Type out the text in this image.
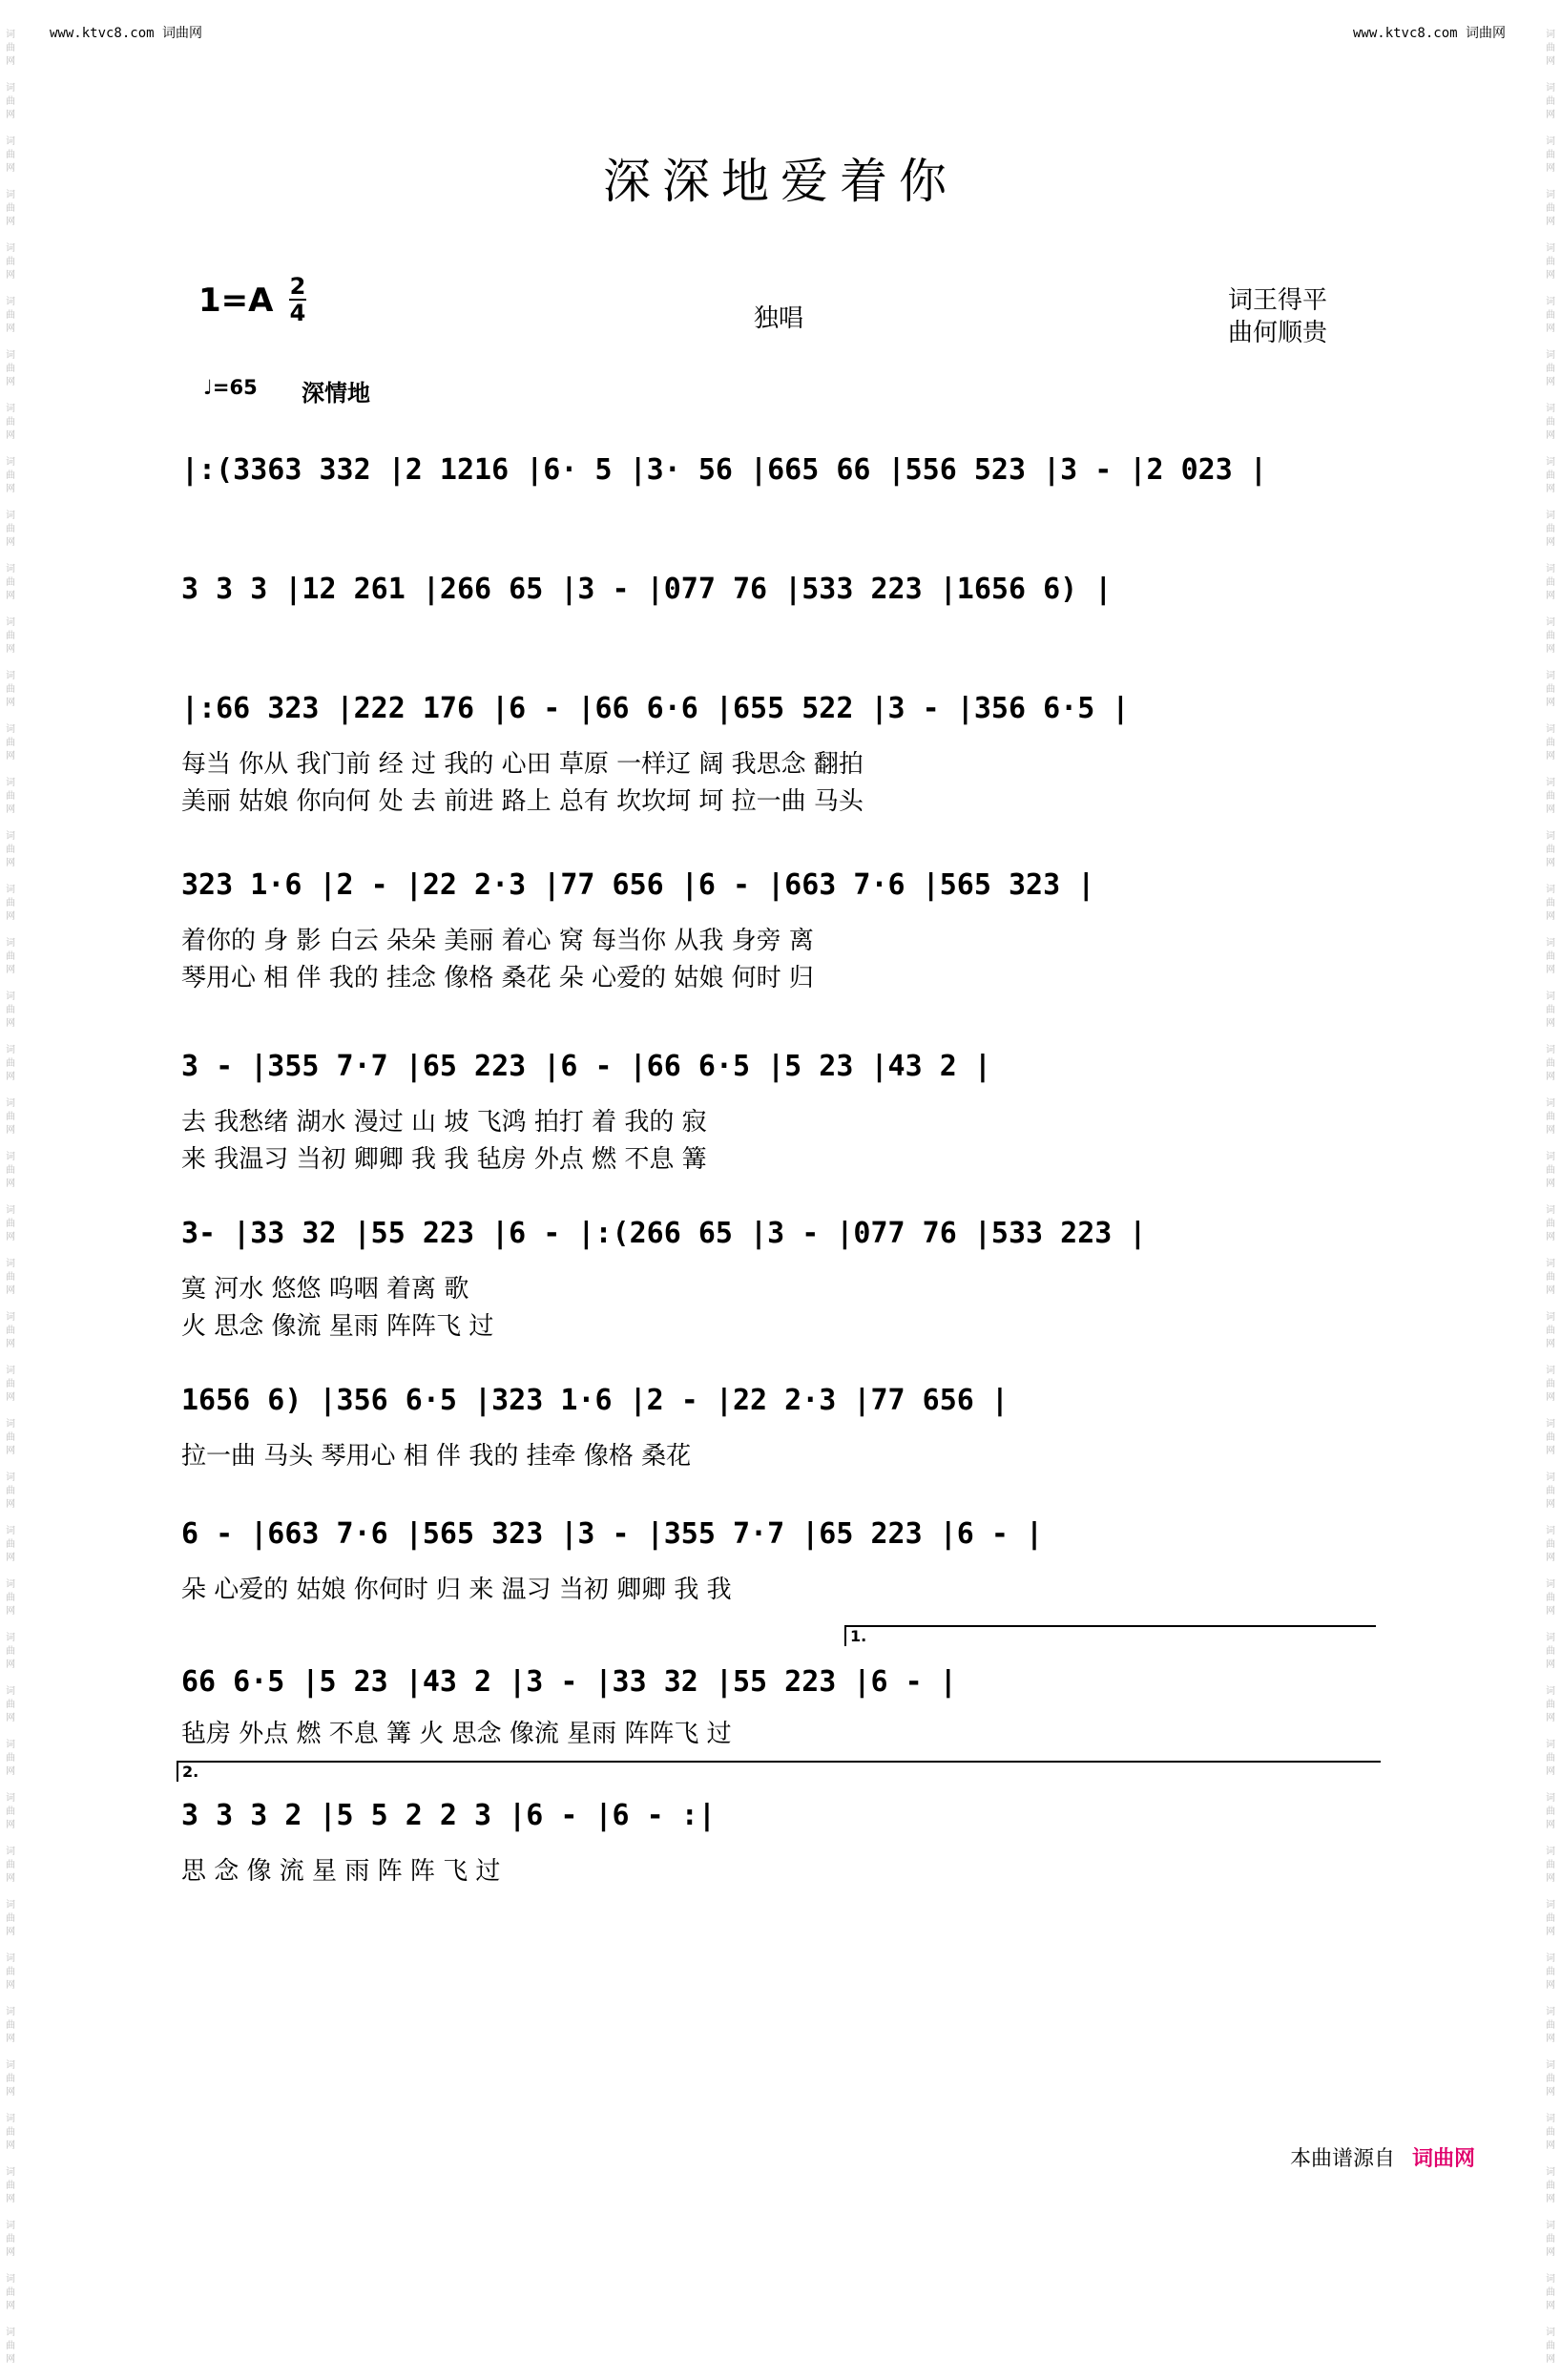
www.ktvc8.com 词曲网	www.ktvc8.com 词曲网
词
曲
网

词
曲
网

词
曲
网

词
曲
网

词
曲
网

词
曲
网

词
曲
网

词
曲
网

词
曲
网

词
曲
网

词
曲
网

词
曲
网

词
曲
网

词
曲
网

词
曲
网

词
曲
网

词
曲
网

词
曲
网

词
曲
网

词
曲
网

词
曲
网

词
曲
网

词
曲
网

词
曲
网

词
曲
网

词
曲
网

词
曲
网

词
曲
网

词
曲
网

词
曲
网

词
曲
网

词
曲
网

词
曲
网

词
曲
网

词
曲
网

词
曲
网

词
曲
网

词
曲
网

词
曲
网

词
曲
网

词
曲
网

词
曲
网

词
曲
网

词
曲
网

词
曲
网

词
曲
网

词
曲
网

词
曲
网

词
曲
网

词
曲
网

词
曲
网

词
曲
网

词
曲
网

词
曲
网

词
曲
网

词
曲
网

词
曲
网

词
曲
网

词
曲
网

词
曲
网

词
曲
网

词
曲
网

词
曲
网

词
曲
网

词
曲
网

词
曲
网

词
曲
网

词
曲
网

词
曲
网

词
曲
网

词
曲
网

词
曲
网

词
曲
网

词
曲
网

词
曲
网

词
曲
网

词
曲
网

词
曲
网

词
曲
网

词
曲
网

词
曲
网

词
曲
网

词
曲
网

词
曲
网

词
曲
网

词
曲
网

词
曲
网

词
曲
网

深深地爱着你
1=A 2
4	独唱
词王得平
曲何顺贵
♩=65 深情地
|:(3363 332 |2 1216 |6· 5 |3· 56 |665 66 |556 523 |3 - |2 023 |
3 3 3 |12 261 |266 65 |3 - |077 76 |533 223 |1656 6) |
|:66 323 |222 176 |6 - |66 6·6 |655 522 |3 - |356 6·5 |
每当 你从 我门前 经 过 我的 心田 草原 一样辽 阔 我思念 翻拍
美丽 姑娘 你向何 处 去 前进 路上 总有 坎坎坷 坷 拉一曲 马头
323 1·6 |2 - |22 2·3 |77 656 |6 - |663 7·6 |565 323 |
着你的 身 影 白云 朵朵 美丽 着心 窝 每当你 从我 身旁 离
琴用心 相 伴 我的 挂念 像格 桑花 朵 心爱的 姑娘 何时 归
3 - |355 7·7 |65 223 |6 - |66 6·5 |5 23 |43 2 |
去 我愁绪 湖水 漫过 山 坡 飞鸿 拍打 着 我的 寂
来 我温习 当初 卿卿 我 我 毡房 外点 燃 不息 篝
3- |33 32 |55 223 |6 - |:(266 65 |3 - |077 76 |533 223 |
寞 河水 悠悠 呜咽 着离 歌
火 思念 像流 星雨 阵阵飞 过
1656 6) |356 6·5 |323 1·6 |2 - |22 2·3 |77 656 |
拉一曲 马头 琴用心 相 伴 我的 挂牵 像格 桑花
6 - |663 7·6 |565 323 |3 - |355 7·7 |65 223 |6 - |
朵 心爱的 姑娘 你何时 归 来 温习 当初 卿卿 我 我
1.
66 6·5 |5 23 |43 2 |3 - |33 32 |55 223 |6 - |
毡房 外点 燃 不息 篝 火 思念 像流 星雨 阵阵飞 过
2.
3 3 3 2 |5 5 2 2 3 |6 - |6 - :|
思 念 像 流 星 雨 阵 阵 飞 过
本曲谱源自 词曲网
